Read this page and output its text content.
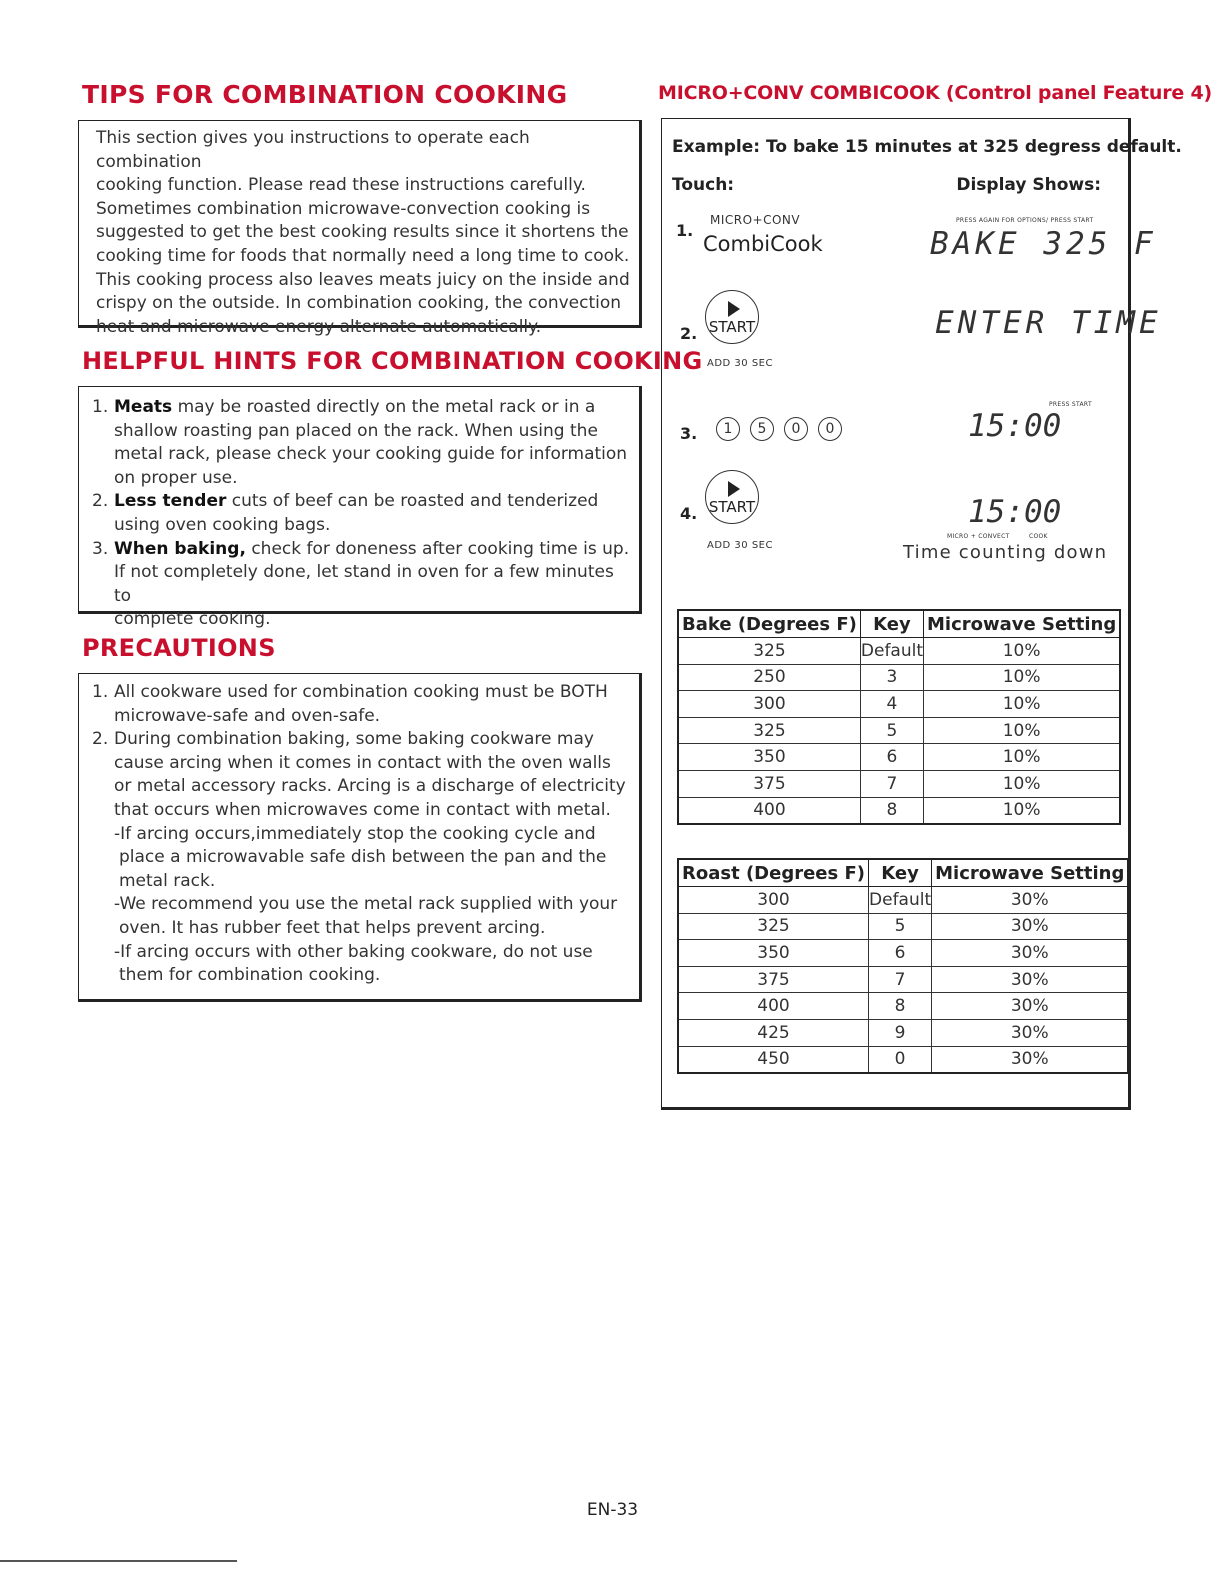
TIPS FOR COMBINATION COOKING
This section gives you instructions to operate each combination
cooking function. Please read these instructions carefully.
Sometimes combination microwave-convection cooking is
suggested to get the best cooking results since it shortens the
cooking time for foods that normally need a long time to cook.
This cooking process also leaves meats juicy on the inside and
crispy on the outside. In combination cooking, the convection
heat and microwave energy alternate automatically.
HELPFUL HINTS FOR COMBINATION COOKING
1. Meats may be roasted directly on the metal rack or in a
shallow roasting pan placed on the rack. When using the
metal rack, please check your cooking guide for information
on proper use.
2. Less tender cuts of beef can be roasted and tenderized
using oven cooking bags.
3. When baking, check for doneness after cooking time is up.
If not completely done, let stand in oven for a few minutes to
complete cooking.
PRECAUTIONS
1. All cookware used for combination cooking must be BOTH
microwave-safe and oven-safe.
2. During combination baking, some baking cookware may
cause arcing when it comes in contact with the oven walls
or metal accessory racks. Arcing is a discharge of electricity
that occurs when microwaves come in contact with metal.
-If arcing occurs,immediately stop the cooking cycle and
place a microwavable safe dish between the pan and the
metal rack.
-We recommend you use the metal rack supplied with your
oven. It has rubber feet that helps prevent arcing.
-If arcing occurs with other baking cookware, do not use
them for combination cooking.
MICRO+CONV COMBICOOK (Control panel Feature 4)
Example: To bake 15 minutes at 325 degress default.
Touch:	Display Shows:
1.
MICRO+CONV
CombiCook
PRESS AGAIN FOR OPTIONS/ PRESS START
BAKE 325 F
2. START
ADD 30 SEC
ENTER TIME
3.	1	5	0	0
PRESS START
15:00
4. START
ADD 30 SEC
15:00
MICRO + CONVECT	COOK
Time counting down
Bake (Degrees F)	Key	Microwave Setting
325	Default	10%
250	3	10%
300	4	10%
325	5	10%
350	6	10%
375	7	10%
400	8	10%
Roast (Degrees F)	Key	Microwave Setting
300	Default	30%
325	5	30%
350	6	30%
375	7	30%
400	8	30%
425	9	30%
450	0	30%
EN-33
